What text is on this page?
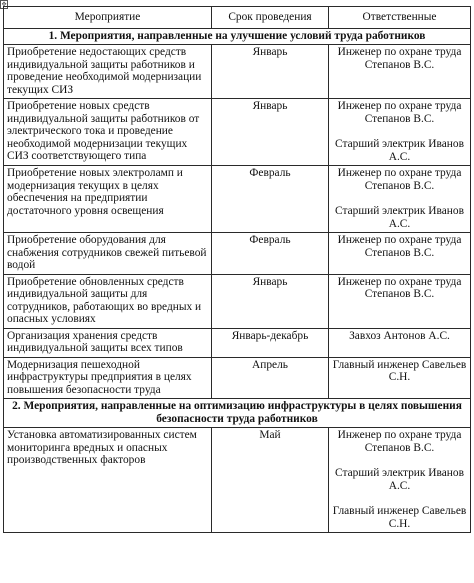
✥
Мероприятие	Срок проведения	Ответственные
1. Мероприятия, направленные на улучшение условий труда работников		
Приобретение недостающих средств индивидуальной защиты работников и проведение необходимой модернизации текущих СИЗ	Январь	Инженер по охране труда Степанов В.С.

Приобретение новых средств индивидуальной защиты работников от электрического тока и проведение необходимой модернизации текущих СИЗ соответствующего типа	Январь	Инженер по охране труда Степанов В.С.
Старший электрик Иванов А.С.

Приобретение новых электроламп и модернизация текущих в целях обеспечения на предприятии достаточного уровня освещения	Февраль	Инженер по охране труда Степанов В.С.
Старший электрик Иванов А.С.

Приобретение оборудования для снабжения сотрудников свежей питьевой водой	Февраль	Инженер по охране труда Степанов В.С.

Приобретение обновленных средств индивидуальной защиты для сотрудников, работающих во вредных и опасных условиях	Январь	Инженер по охране труда Степанов В.С.

Организация хранения средств индивидуальной защиты всех типов	Январь-декабрь	Завхоз Антонов А.С.

Модернизация пешеходной инфраструктуры предприятия в целях повышения безопасности труда	Апрель	Главный инженер Савельев С.Н.

2. Мероприятия, направленные на оптимизацию инфраструктуры в целях повышения безопасности труда работников		
Установка автоматизированных систем мониторинга вредных и опасных производственных факторов	Май	Инженер по охране труда Степанов В.С.
Старший электрик Иванов А.С.
Главный инженер Савельев С.Н.
